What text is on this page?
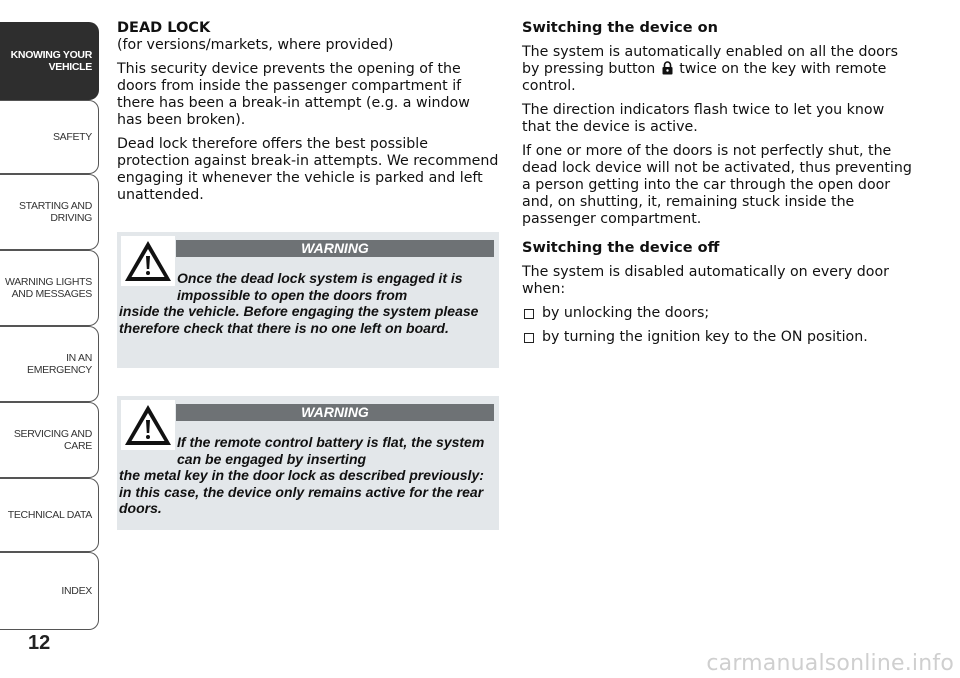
KNOWING YOUR
VEHICLE
SAFETY
STARTING AND
DRIVING
WARNING LIGHTS
AND MESSAGES
IN AN EMERGENCY
SERVICING AND
CARE
TECHNICAL DATA
INDEX
12
DEAD LOCK

(for versions/markets, where provided)

This security device prevents the opening of the doors from inside the passenger compartment if there has been a break-in attempt (e.g. a window has been broken).

Dead lock therefore offers the best possible protection against break-in attempts. We recommend engaging it whenever the vehicle is parked and left unattended.

WARNING
Once the dead lock system is engaged it is impossible to open the doors from
inside the vehicle. Before engaging the system please therefore check that there is no one left on board.
WARNING
If the remote control battery is flat, the system can be engaged by inserting
the metal key in the door lock as described previously: in this case, the device only remains active for the rear doors.
Switching the device on

The system is automatically enabled on all the doors by pressing button twice on the key with remote control.

The direction indicators flash twice to let you know that the device is active.

If one or more of the doors is not perfectly shut, the dead lock device will not be activated, thus preventing a person getting into the car through the open door and, on shutting, it, remaining stuck inside the passenger compartment.

Switching the device off

The system is disabled automatically on every door when:

by unlocking the doors;
by turning the ignition key to the ON position.
carmanualsonline.info
